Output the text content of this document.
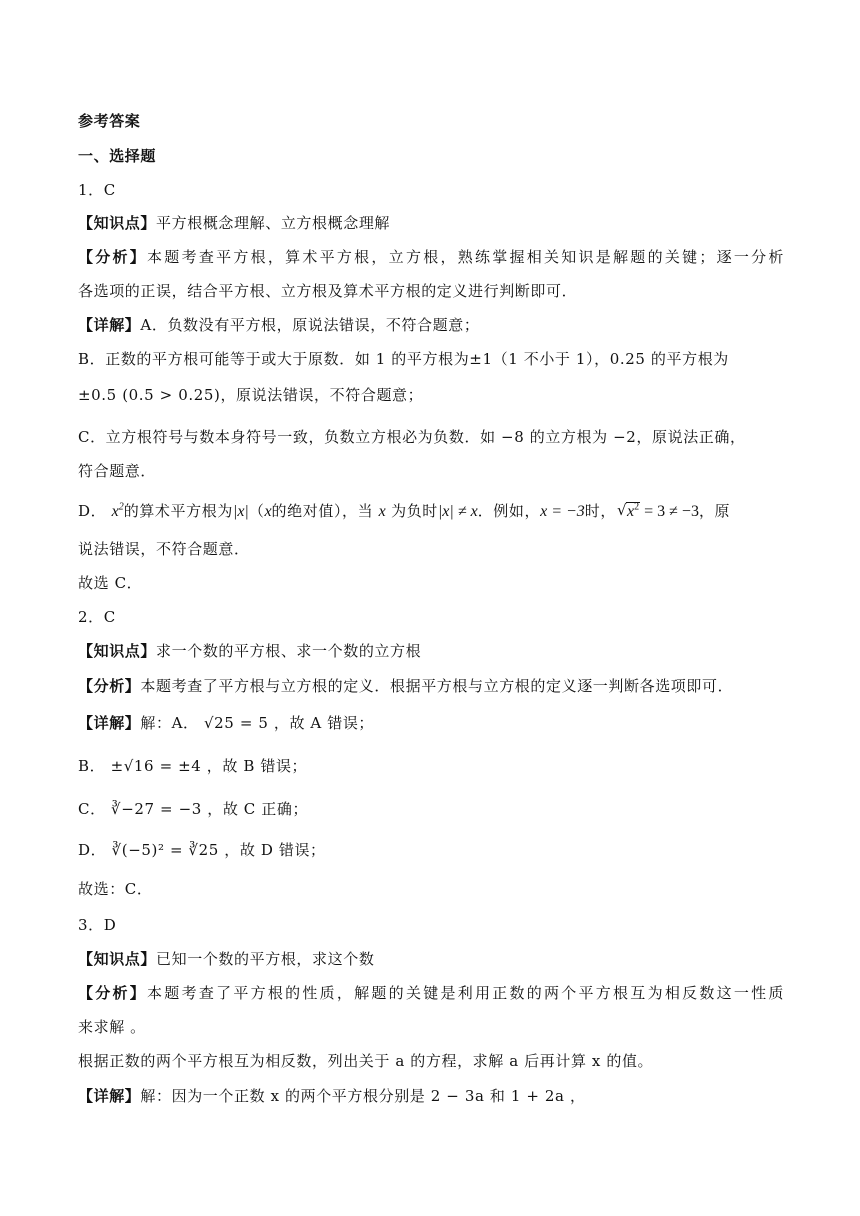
参考答案
一、选择题
1．C
【知识点】平方根概念理解、立方根概念理解
【分析】本题考查平方根，算术平方根，立方根，熟练掌握相关知识是解题的关键；逐一分析
各选项的正误，结合平方根、立方根及算术平方根的定义进行判断即可．
【详解】A．负数没有平方根，原说法错误，不符合题意；
B．正数的平方根可能等于或大于原数．如 1 的平方根为±1（1 不小于 1），0.25 的平方根为
±0.5 (0.5 > 0.25)，原说法错误，不符合题意；
C．立方根符号与数本身符号一致，负数立方根必为负数．如 −8 的立方根为 −2，原说法正确，
符合题意．
D． $x^2$的算术平方根为|x|（x的绝对值），当 x 为负时|x| ≠ x．例如，x = −3时，√ $x^2 = 3 \ne -3$，原
说法错误，不符合题意．
故选 C．
2．C
【知识点】求一个数的平方根、求一个数的立方根
【分析】本题考查了平方根与立方根的定义．根据平方根与立方根的定义逐一判断各选项即可．
【详解】解：A． √25 = 5 ，故 A 错误；
B． ±√16 = ±4 ，故 B 错误；
C． ∛−27 = −3 ，故 C 正确；
D． ∛(−5)² = ∛25 ，故 D 错误；
故选：C．
3．D
【知识点】已知一个数的平方根，求这个数
【分析】本题考查了平方根的性质，解题的关键是利用正数的两个平方根互为相反数这一性质
来求解 。
根据正数的两个平方根互为相反数，列出关于 a 的方程，求解 a 后再计算 x 的值。
【详解】解：因为一个正数 x 的两个平方根分别是 2 − 3a 和 1 + 2a ，
